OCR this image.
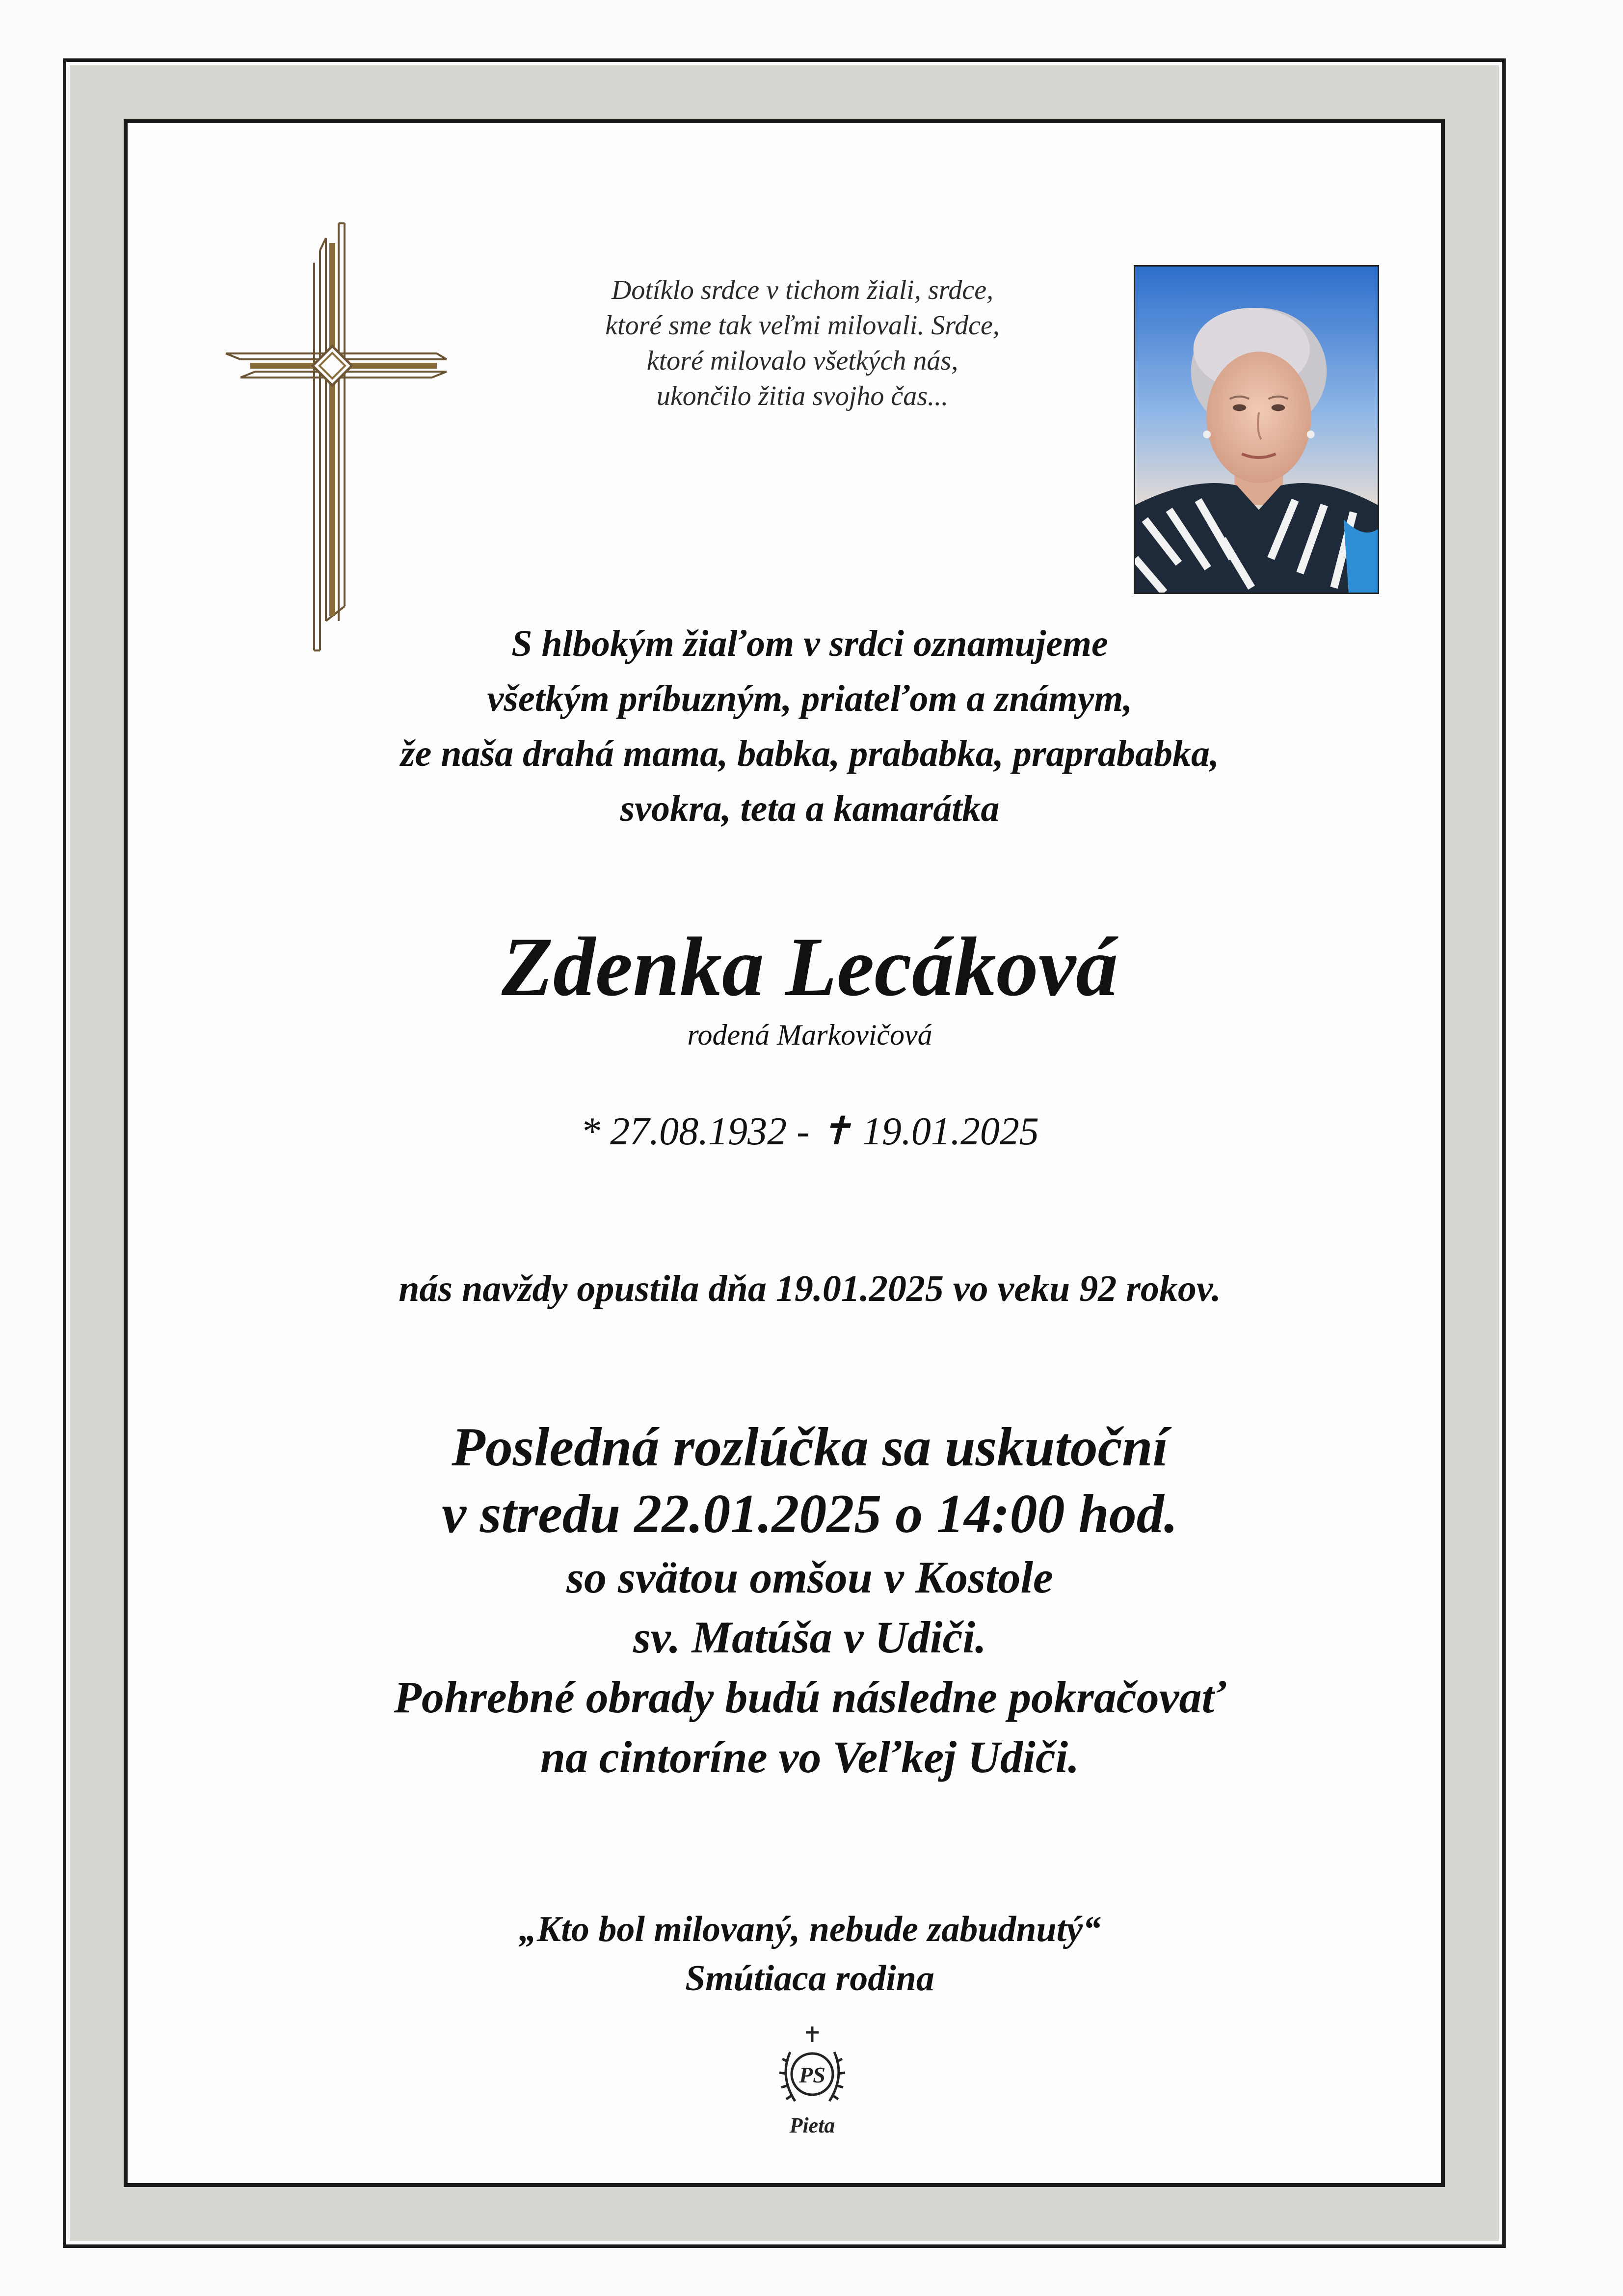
Dotíklo srdce v tichom žiali, srdce,
ktoré sme tak veľmi milovali. Srdce,
ktoré milovalo všetkých nás,
ukončilo žitia svojho čas...
S hlbokým žiaľom v srdci oznamujeme
všetkým príbuzným, priateľom a známym,
že naša drahá mama, babka, prababka, praprababka,
svokra, teta a kamarátka
Zdenka Lecáková
rodená Markovičová
* 27.08.1932 - ✝ 19.01.2025
nás navždy opustila dňa 19.01.2025 vo veku 92 rokov.
Posledná rozlúčka sa uskutoční
v stredu 22.01.2025 o 14:00 hod.
so svätou omšou v Kostole
sv. Matúša v Udiči.
Pohrebné obrady budú následne pokračovať
na cintoríne vo Veľkej Udiči.
„Kto bol milovaný, nebude zabudnutý“
Smútiaca rodina
PS
Pieta
